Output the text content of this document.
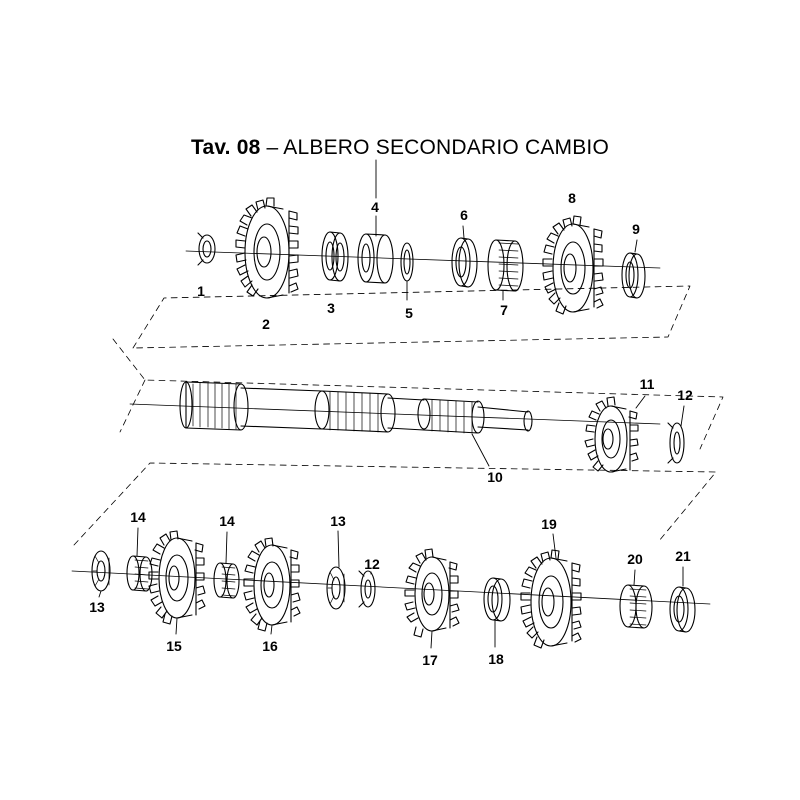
Tav. 08 – ALBERO SECONDARIO CAMBIO
1
2
3
4
5
6
7
8
9
10
11
12
13
14	14	13
12
15	16
17	18
19
20 21
